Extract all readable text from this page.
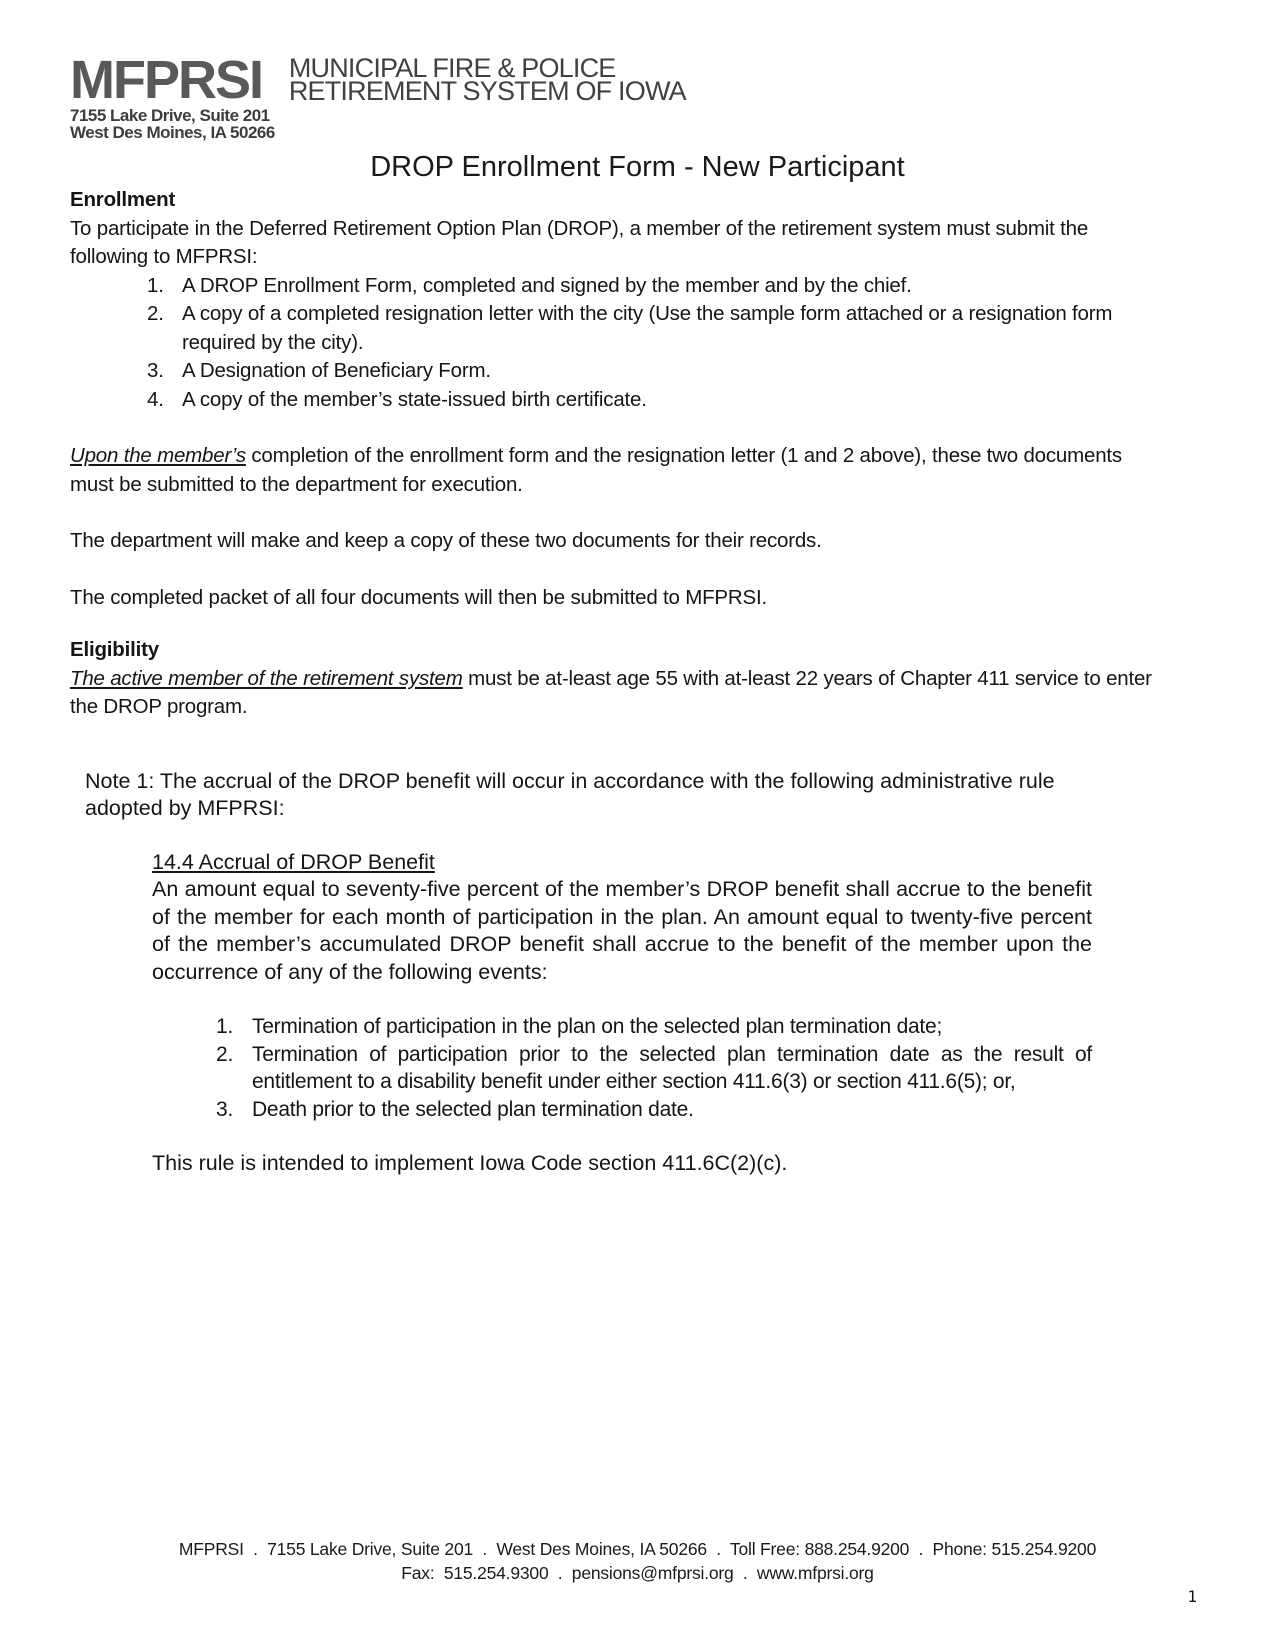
MFPRSI
7155 Lake Drive, Suite 201
West Des Moines, IA 50266
MUNICIPAL FIRE & POLICE
RETIREMENT SYSTEM OF IOWA
DROP Enrollment Form - New Participant
Enrollment

To participate in the Deferred Retirement Option Plan (DROP), a member of the retirement system must submit the following to MFPRSI:

A DROP Enrollment Form, completed and signed by the member and by the chief.
A copy of a completed resignation letter with the city (Use the sample form attached or a resignation form required by the city).
A Designation of Beneficiary Form.
A copy of the member’s state-issued birth certificate.

Upon the member’s completion of the enrollment form and the resignation letter (1 and 2 above), these two documents must be submitted to the department for execution.

The department will make and keep a copy of these two documents for their records.

The completed packet of all four documents will then be submitted to MFPRSI.

Eligibility

The active member of the retirement system must be at-least age 55 with at-least 22 years of Chapter 411 service to enter the DROP program.

Note 1: The accrual of the DROP benefit will occur in accordance with the following administrative rule adopted by MFPRSI:

14.4 Accrual of DROP Benefit

An amount equal to seventy-five percent of the member’s DROP benefit shall accrue to the benefit of the member for each month of participation in the plan. An amount equal to twenty-five percent of the member’s accumulated DROP benefit shall accrue to the benefit of the member upon the occurrence of any of the following events:

Termination of participation in the plan on the selected plan termination date;
Termination of participation prior to the selected plan termination date as the result of entitlement to a disability benefit under either section 411.6(3) or section 411.6(5); or,
Death prior to the selected plan termination date.

This rule is intended to implement Iowa Code section 411.6C(2)(c).

MFPRSI  .  7155 Lake Drive, Suite 201  .  West Des Moines, IA 50266  .  Toll Free: 888.254.9200  .  Phone: 515.254.9200
Fax:  515.254.9300  .  pensions@mfprsi.org  .  www.mfprsi.org
1
